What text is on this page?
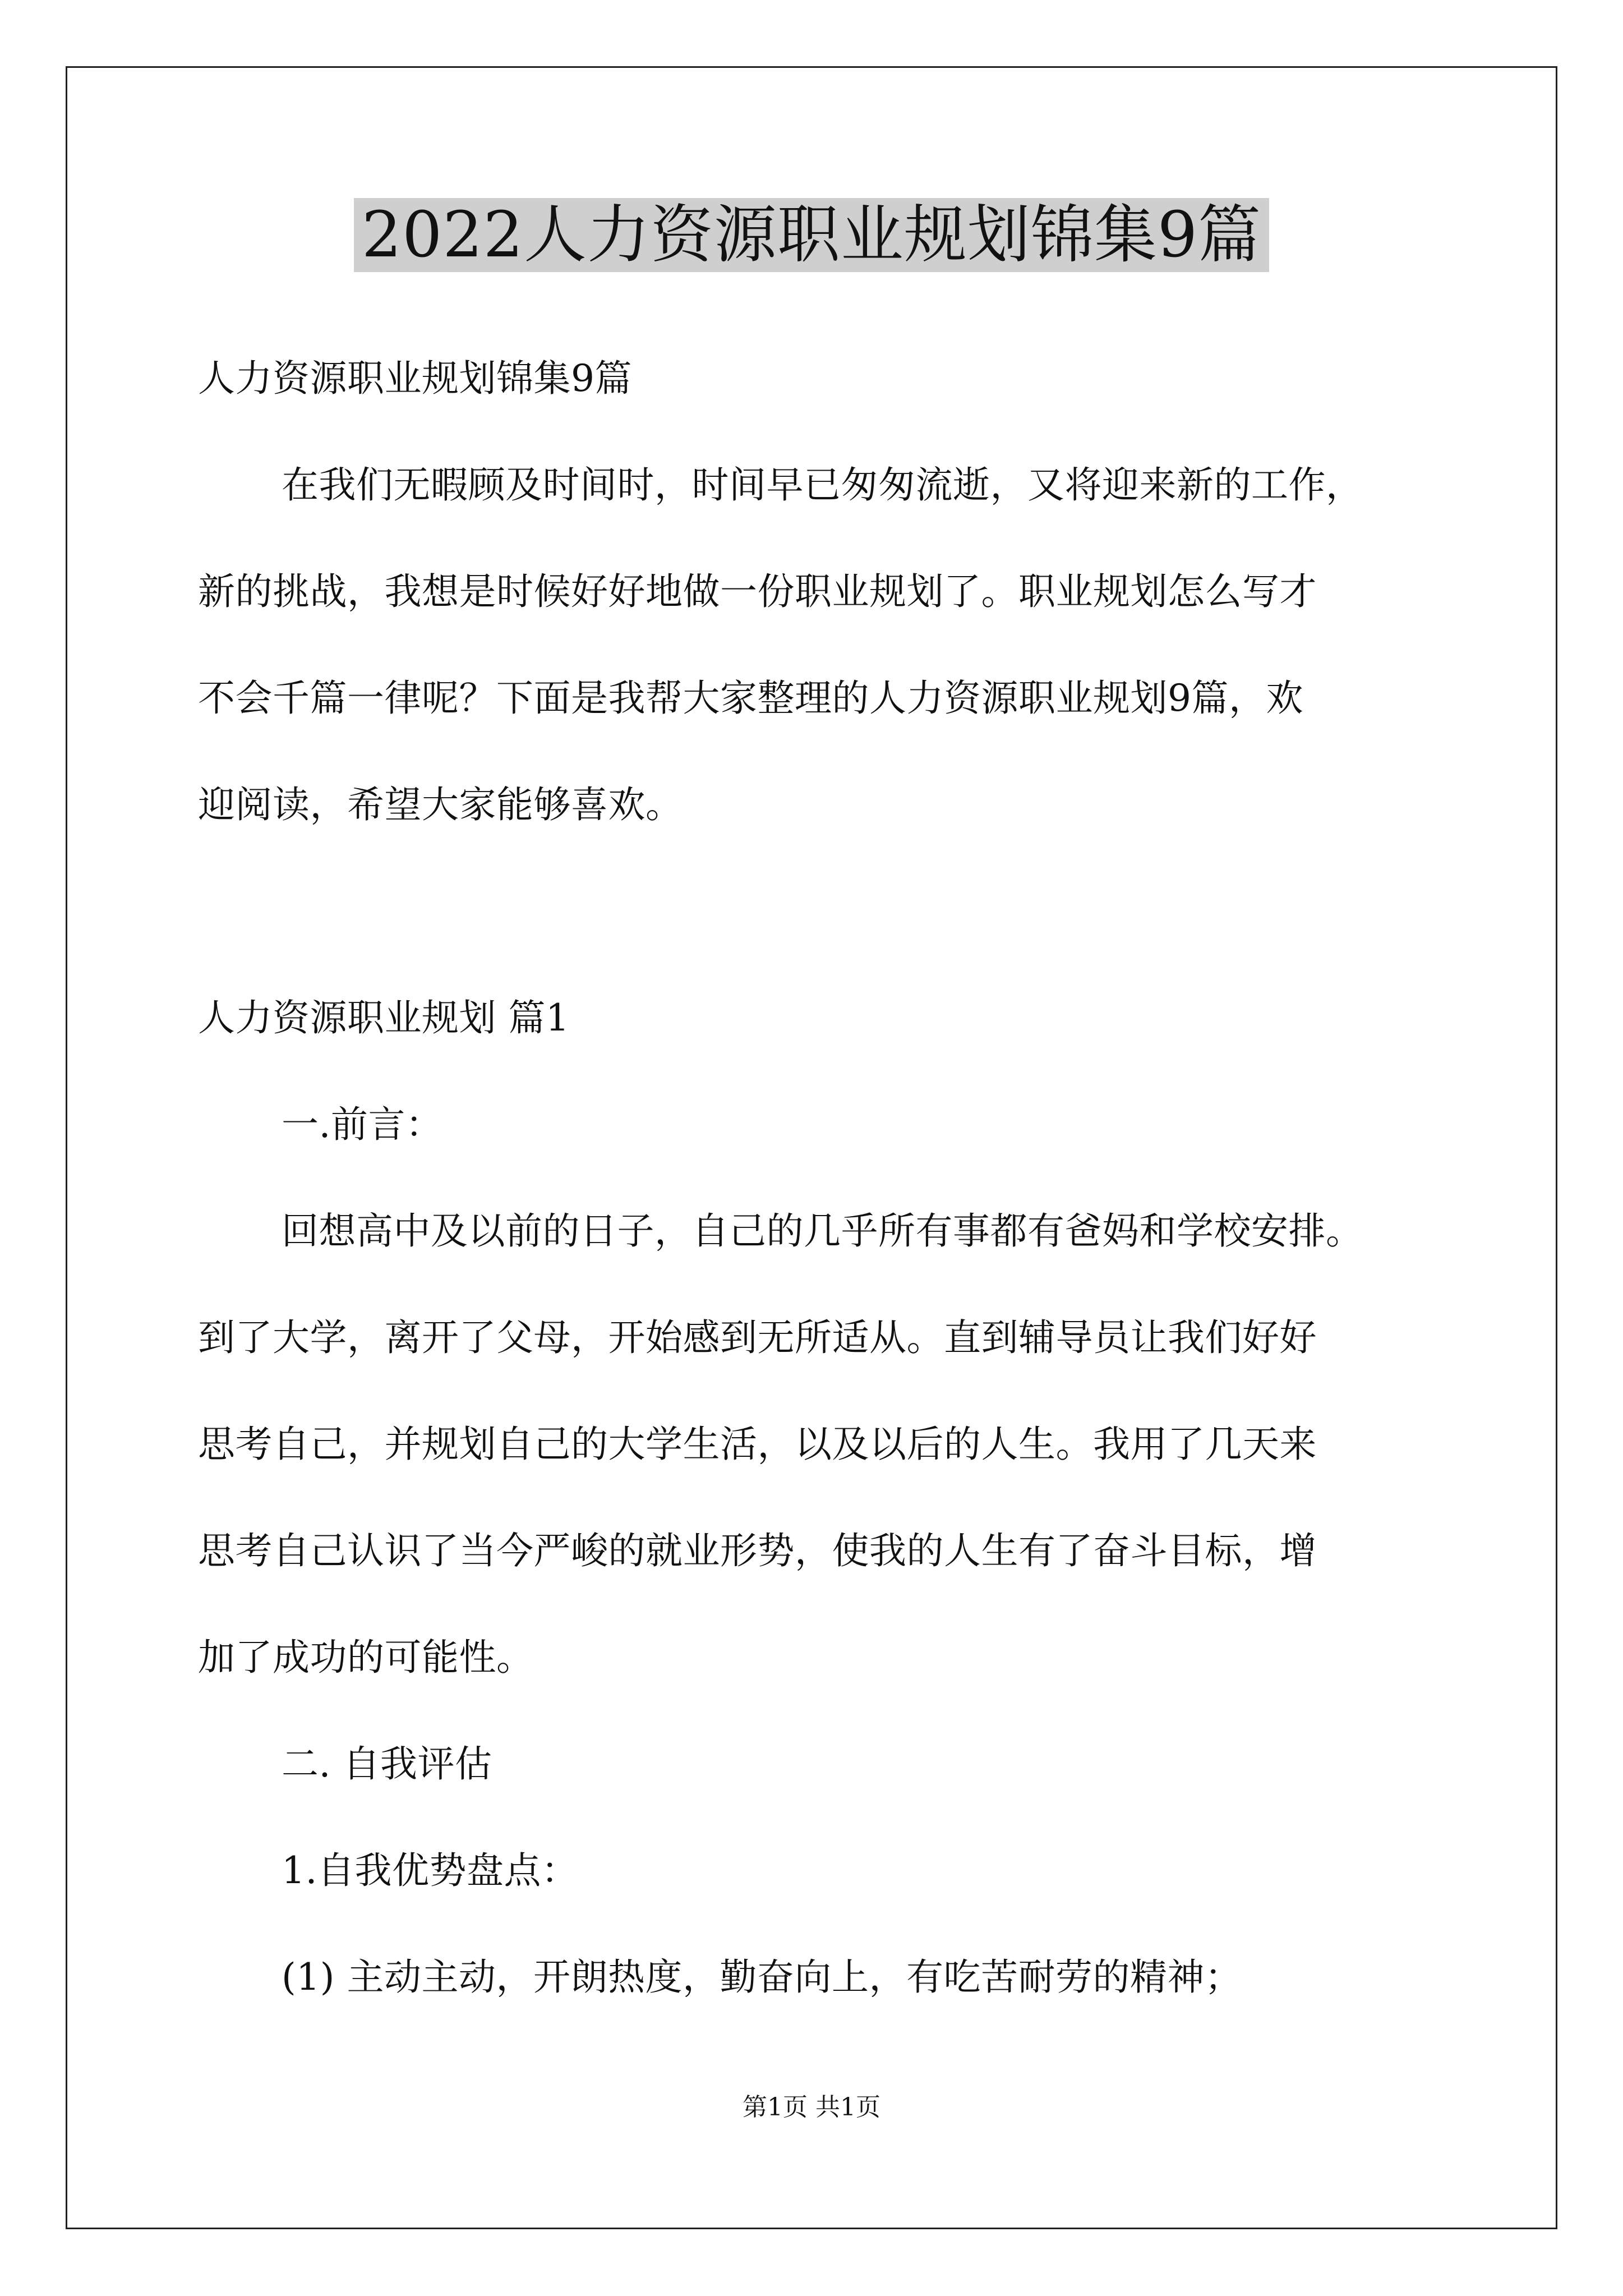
2022人力资源职业规划锦集9篇
人力资源职业规划锦集9篇
在我们无暇顾及时间时，时间早已匆匆流逝，又将迎来新的工作，
新的挑战，我想是时候好好地做一份职业规划了。职业规划怎么写才
不会千篇一律呢？下面是我帮大家整理的人力资源职业规划9篇，欢
迎阅读，希望大家能够喜欢。
人力资源职业规划 篇1
一.前言：
回想高中及以前的日子，自己的几乎所有事都有爸妈和学校安排。
到了大学，离开了父母，开始感到无所适从。直到辅导员让我们好好
思考自己，并规划自己的大学生活，以及以后的人生。我用了几天来
思考自己认识了当今严峻的就业形势，使我的人生有了奋斗目标，增
加了成功的可能性。
二. 自我评估
1.自我优势盘点：
(1) 主动主动，开朗热度，勤奋向上，有吃苦耐劳的精神；
第1页 共1页
